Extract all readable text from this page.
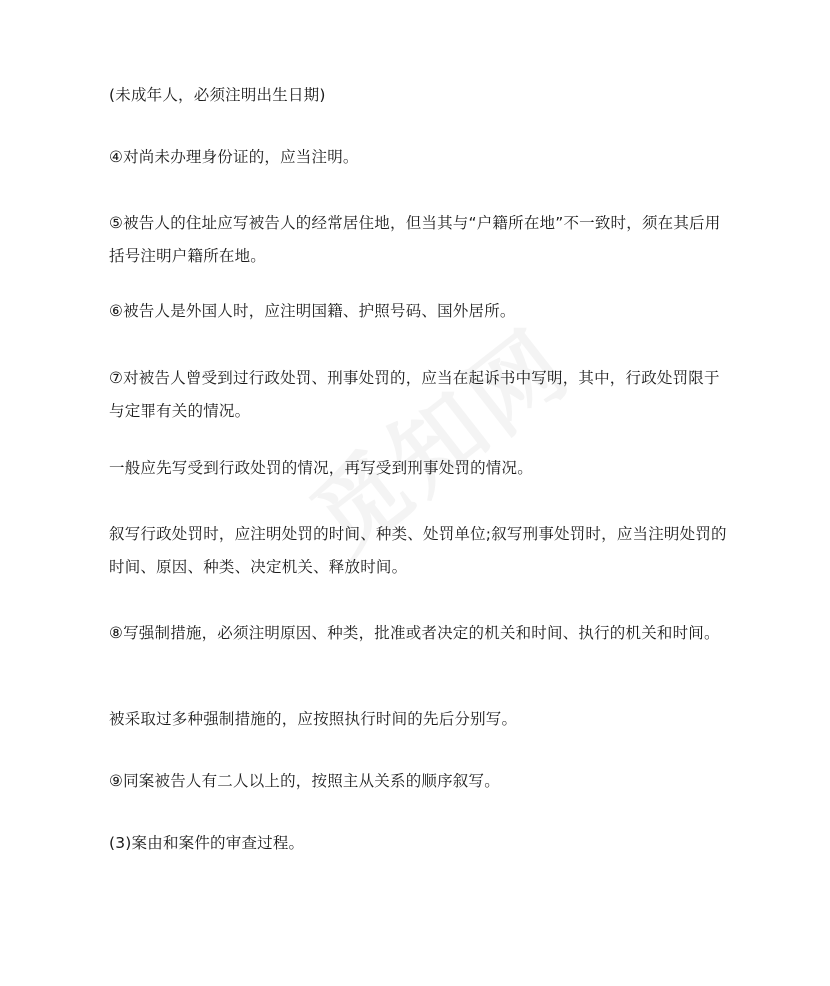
(未成年人，必须注明出生日期)

④对尚未办理身份证的，应当注明。

⑤被告人的住址应写被告人的经常居住地，但当其与“户籍所在地”不一致时，须在其后用括号注明户籍所在地。

⑥被告人是外国人时，应注明国籍、护照号码、国外居所。

⑦对被告人曾受到过行政处罚、刑事处罚的，应当在起诉书中写明，其中，行政处罚限于与定罪有关的情况。

一般应先写受到行政处罚的情况，再写受到刑事处罚的情况。

叙写行政处罚时，应注明处罚的时间、种类、处罚单位;叙写刑事处罚时，应当注明处罚的时间、原因、种类、决定机关、释放时间。

⑧写强制措施，必须注明原因、种类，批准或者决定的机关和时间、执行的机关和时间。

被采取过多种强制措施的，应按照执行时间的先后分别写。

⑨同案被告人有二人以上的，按照主从关系的顺序叙写。

(3)案由和案件的审查过程。
